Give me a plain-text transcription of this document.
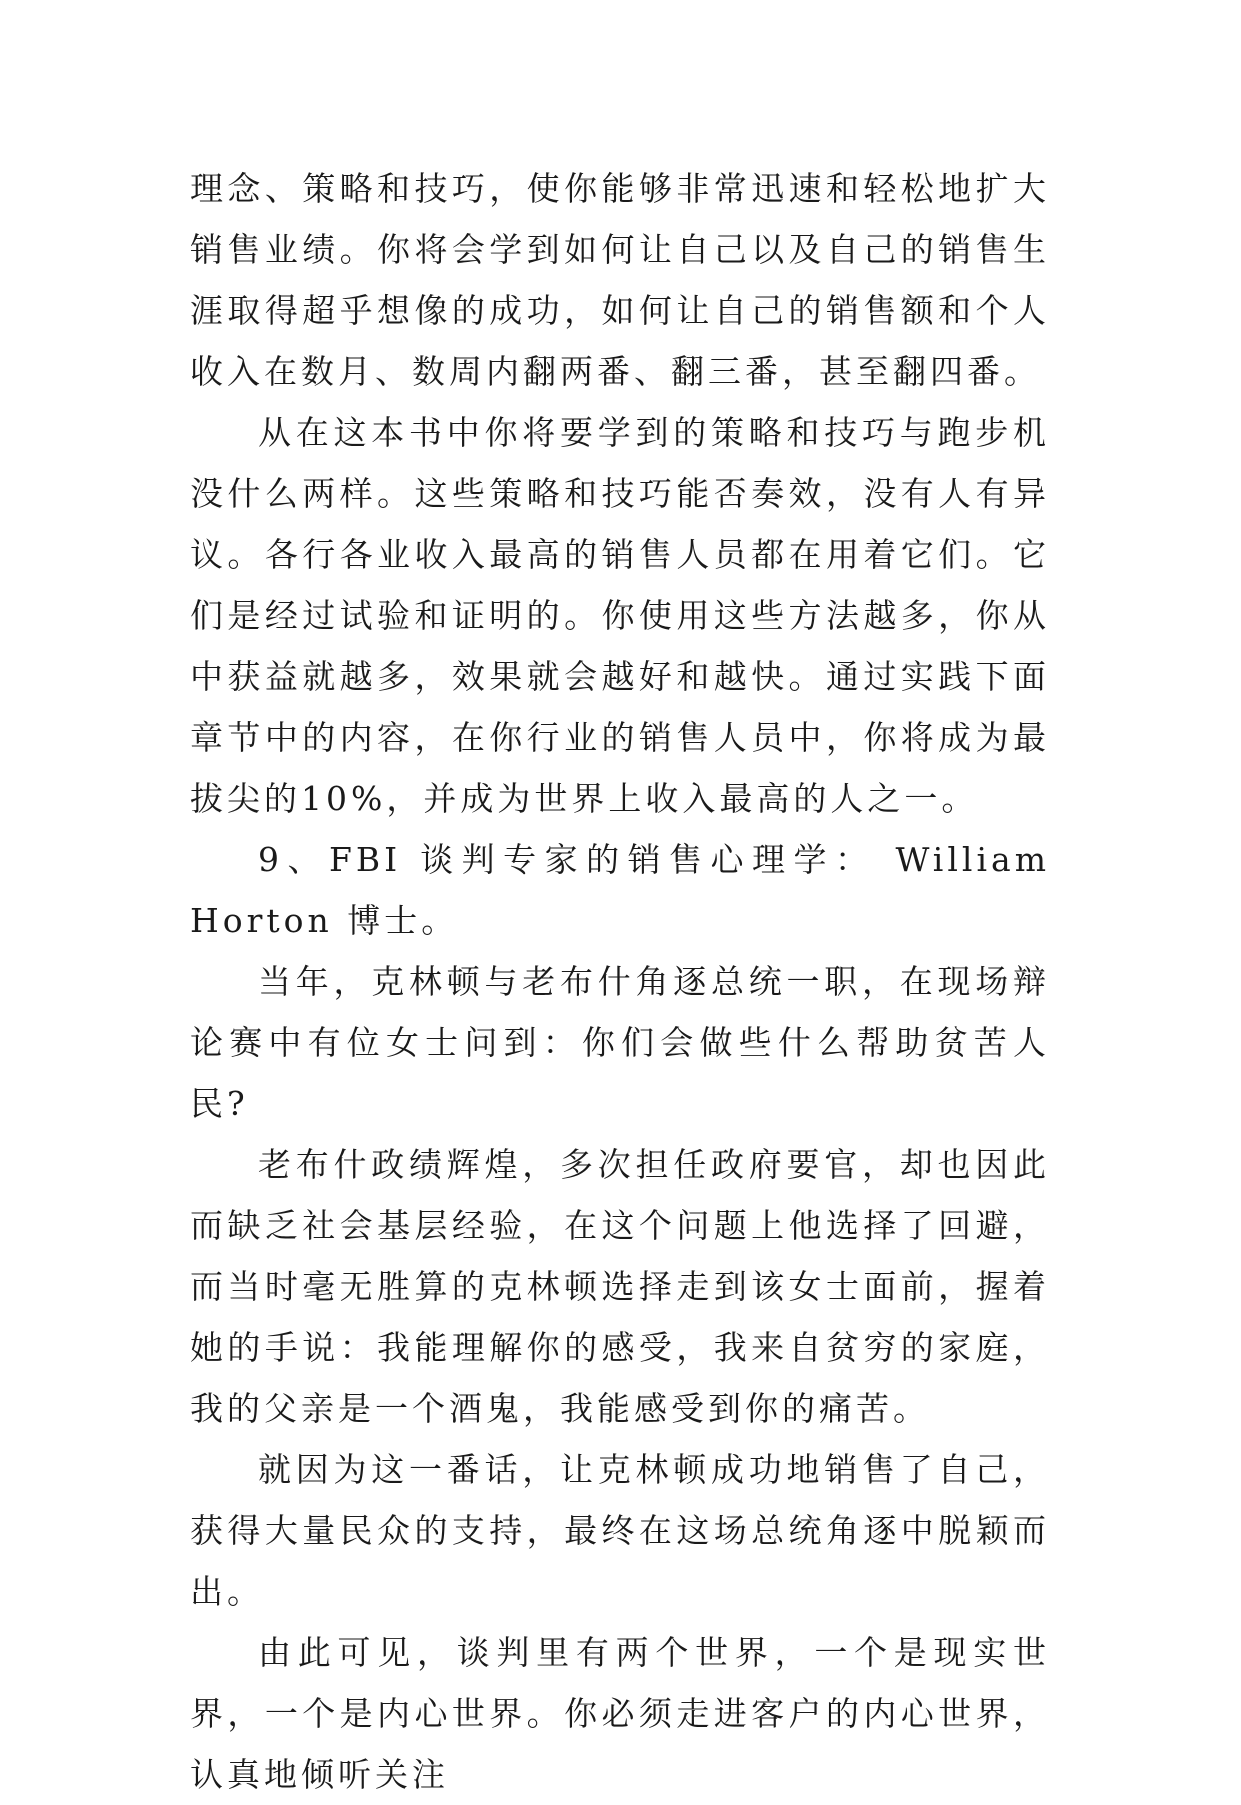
理念、策略和技巧，使你能够非常迅速和轻松地扩大销售业绩。你将会学到如何让自己以及自己的销售生涯取得超乎想像的成功，如何让自己的销售额和个人收入在数月、数周内翻两番、翻三番，甚至翻四番。

从在这本书中你将要学到的策略和技巧与跑步机没什么两样。这些策略和技巧能否奏效，没有人有异议。各行各业收入最高的销售人员都在用着它们。它们是经过试验和证明的。你使用这些方法越多，你从中获益就越多，效果就会越好和越快。通过实践下面章节中的内容，在你行业的销售人员中，你将成为最拔尖的10%，并成为世界上收入最高的人之一。

9、FBI 谈判专家的销售心理学： William Horton 博士。

当年，克林顿与老布什角逐总统一职，在现场辩论赛中有位女士问到：你们会做些什么帮助贫苦人民?

老布什政绩辉煌，多次担任政府要官，却也因此而缺乏社会基层经验，在这个问题上他选择了回避，而当时毫无胜算的克林顿选择走到该女士面前，握着她的手说：我能理解你的感受，我来自贫穷的家庭，我的父亲是一个酒鬼，我能感受到你的痛苦。

就因为这一番话，让克林顿成功地销售了自己，获得大量民众的支持，最终在这场总统角逐中脱颖而出。

由此可见，谈判里有两个世界，一个是现实世界，一个是内心世界。你必须走进客户的内心世界，认真地倾听关注
